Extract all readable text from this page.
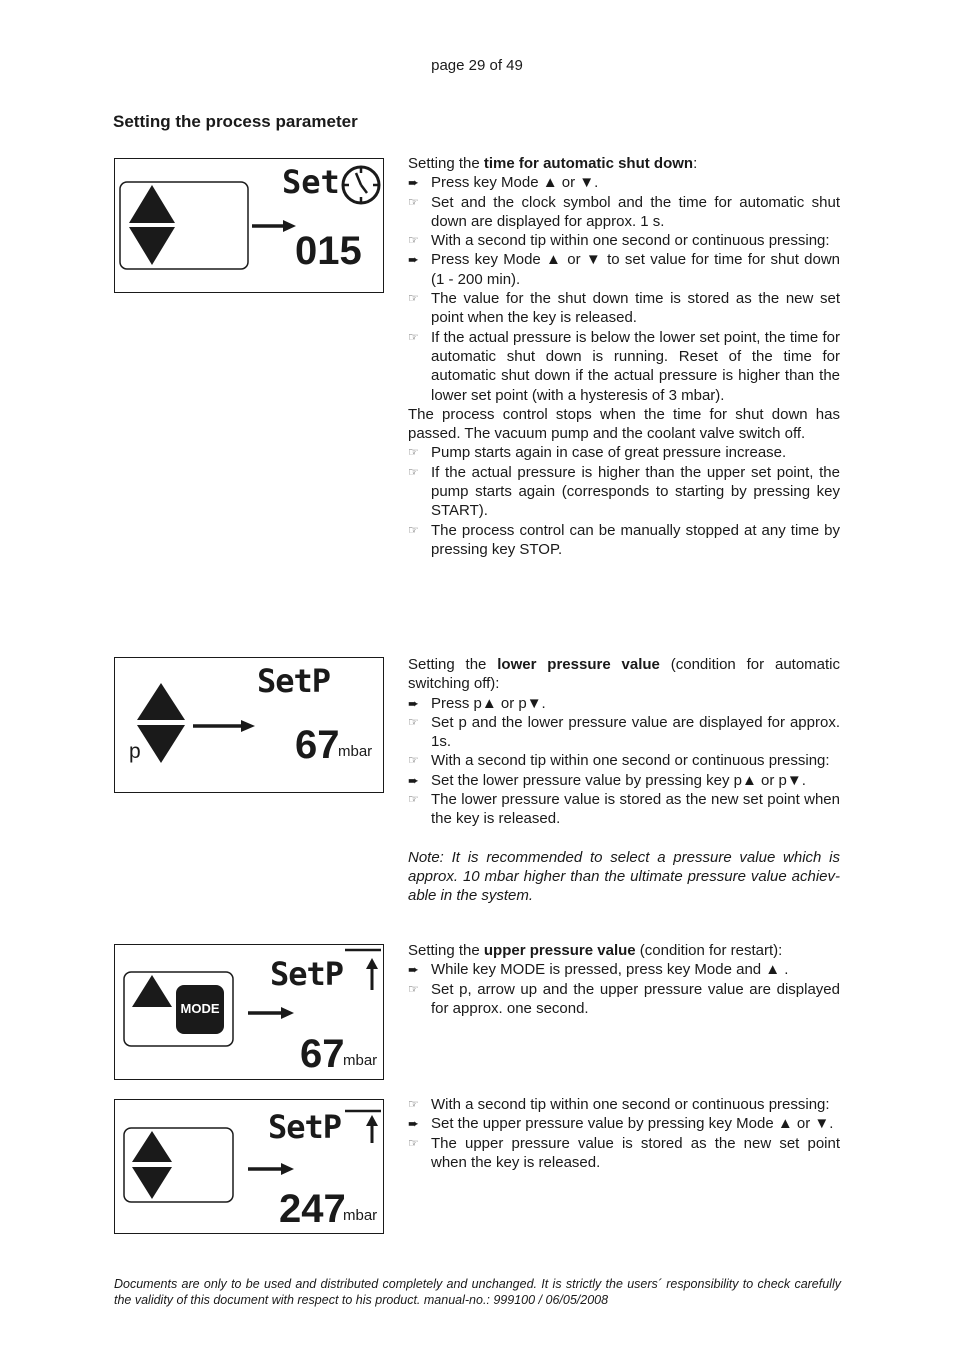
page 29 of 49
Setting the process parameter
Set
015
p
SetP
67
mbar
MODE
SetP
67
mbar
SetP
247
mbar

Setting the time for automatic shut down:

➨ Press key Mode ▲ or ▼.
☞ Set and the clock symbol and the time for automatic shut down are displayed for approx. 1 s.
☞ With a second tip within one second or continuous pressing:
➨ Press key Mode ▲ or ▼ to set value for time for shut down (1 - 200 min).
☞ The value for the shut down time is stored as the new set point when the key is released.
☞ If the actual pressure is below the lower set point, the time for automatic shut down is running. Reset of the time for automatic shut down if the actual pressure is higher than the lower set point (with a hysteresis of 3 mbar).

The process control stops when the time for shut down has passed. The vacuum pump and the coolant valve switch off.

☞ Pump starts again in case of great pressure increase.
☞ If the actual pressure is higher than the upper set point, the pump starts again (corresponds to starting by pressing key START).
☞ The process control can be manually stopped at any time by pressing key STOP.

Setting the lower pressure value (condition for automatic switching off):

➨ Press p▲ or p▼.
☞ Set p and the lower pressure value are displayed for approx. 1s.
☞ With a second tip within one second or continuous pressing:
➨ Set the lower pressure value by pressing key p▲ or p▼.
☞ The lower pressure value is stored as the new set point when the key is released.

Note: It is recommended to select a pressure value which is approx. 10 mbar higher than the ultimate pressure value achiev-able in the system.

Setting the upper pressure value (condition for restart):

➨ While key MODE is pressed, press key Mode and ▲ .
☞ Set p, arrow up and the upper pressure value are displayed for approx. one second.
☞ With a second tip within one second or continuous pressing:
➨ Set the upper pressure value by pressing key Mode ▲ or ▼.
☞ The upper pressure value is stored as the new set point when the key is released.
Documents are only to be used and distributed completely and unchanged. It is strictly the users´ responsibility to check carefully the validity of this document with respect to his product. manual-no.: 999100 / 06/05/2008
